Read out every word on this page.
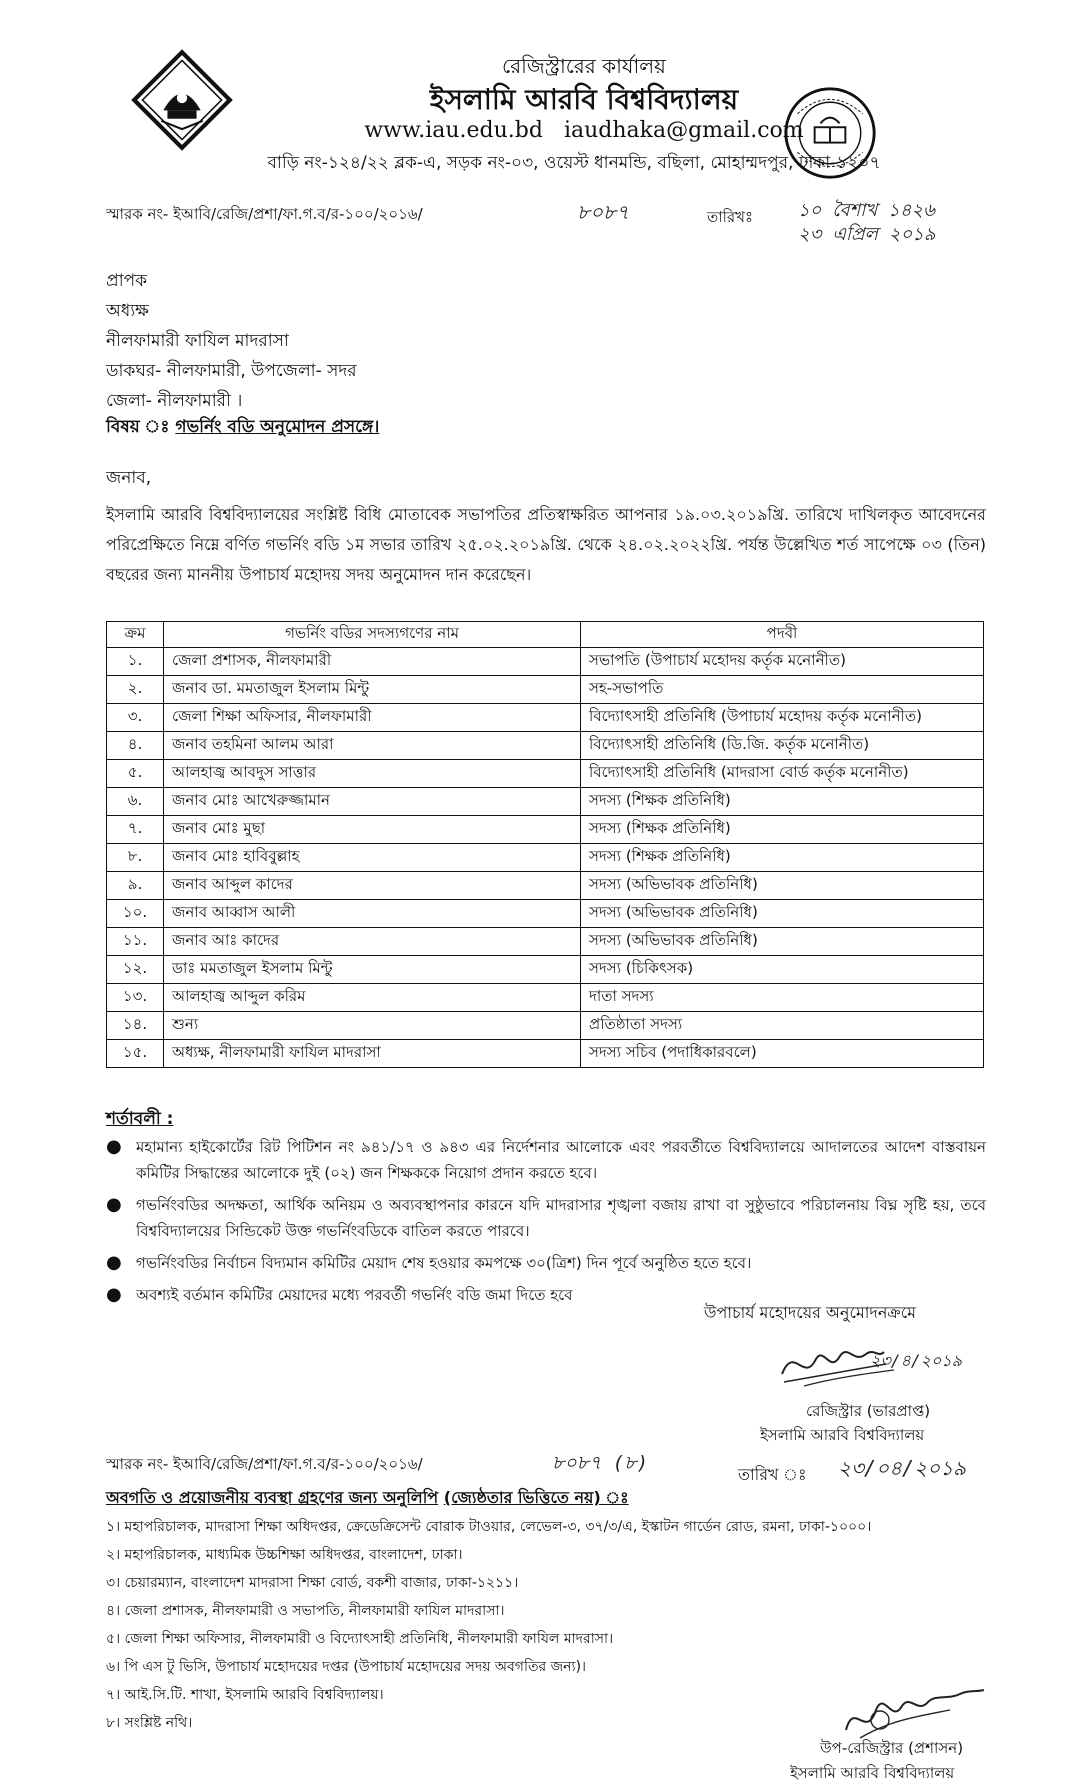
রেজিস্ট্রারের কার্যালয়
ইসলামি আরবি বিশ্ববিদ্যালয়
www.iau.edu.bd iaudhaka@gmail.com
বাড়ি নং-১২৪/২২ ব্লক-এ, সড়ক নং-০৩, ওয়েস্ট ধানমন্ডি, বছিলা, মোহাম্মদপুর, ঢাকা-১২০৭
স্মারক নং- ইআবি/রেজি/প্রশা/ফা.গ.ব/র-১০০/২০১৬/	৮০৮৭	তারিখঃ	১০ বৈশাখ ১৪২৬
২৩ এপ্রিল ২০১৯
প্রাপক
অধ্যক্ষ
নীলফামারী ফাযিল মাদরাসা
ডাকঘর- নীলফামারী, উপজেলা- সদর
জেলা- নীলফামারী ।
বিষয় ঃ গভর্নিং বডি অনুমোদন প্রসঙ্গে।
জনাব,
ইসলামি আরবি বিশ্ববিদ্যালয়ের সংশ্লিষ্ট বিধি মোতাবেক সভাপতির প্রতিস্বাক্ষরিত আপনার ১৯.০৩.২০১৯খ্রি. তারিখে দাখিলকৃত আবেদনের পরিপ্রেক্ষিতে নিম্নে বর্ণিত গভর্নিং বডি ১ম সভার তারিখ ২৫.০২.২০১৯খ্রি. থেকে ২৪.০২.২০২২খ্রি. পর্যন্ত উল্লেখিত শর্ত সাপেক্ষে ০৩ (তিন) বছরের জন্য মাননীয় উপাচার্য মহোদয় সদয় অনুমোদন দান করেছেন।
ক্রম	গভর্নিং বডির সদস্যগণের নাম	পদবী
১.	জেলা প্রশাসক, নীলফামারী	সভাপতি (উপাচার্য মহোদয় কর্তৃক মনোনীত)
২.	জনাব ডা. মমতাজুল ইসলাম মিন্টু	সহ-সভাপতি
৩.	জেলা শিক্ষা অফিসার, নীলফামারী	বিদ্যোৎসাহী প্রতিনিধি (উপাচার্য মহোদয় কর্তৃক মনোনীত)
৪.	জনাব তহমিনা আলম আরা	বিদ্যোৎসাহী প্রতিনিধি (ডি.জি. কর্তৃক মনোনীত)
৫.	আলহাজ্ব আবদুস সাত্তার	বিদ্যোৎসাহী প্রতিনিধি (মাদরাসা বোর্ড কর্তৃক মনোনীত)
৬.	জনাব মোঃ আখেরুজ্জামান	সদস্য (শিক্ষক প্রতিনিধি)
৭.	জনাব মোঃ মুছা	সদস্য (শিক্ষক প্রতিনিধি)
৮.	জনাব মোঃ হাবিবুল্লাহ	সদস্য (শিক্ষক প্রতিনিধি)
৯.	জনাব আব্দুল কাদের	সদস্য (অভিভাবক প্রতিনিধি)
১০.	জনাব আব্বাস আলী	সদস্য (অভিভাবক প্রতিনিধি)
১১.	জনাব আঃ কাদের	সদস্য (অভিভাবক প্রতিনিধি)
১২.	ডাঃ মমতাজুল ইসলাম মিন্টু	সদস্য (চিকিৎসক)
১৩.	আলহাজ্ব আব্দুল করিম	দাতা সদস্য
১৪.	শুন্য	প্রতিষ্ঠাতা সদস্য
১৫.	অধ্যক্ষ, নীলফামারী ফাযিল মাদরাসা	সদস্য সচিব (পদাধিকারবলে)
শর্তাবলী :
● মহামান্য হাইকোর্টের রিট পিটিশন নং ৯৪১/১৭ ও ৯৪৩ এর নির্দেশনার আলোকে এবং পরবর্তীতে বিশ্ববিদ্যালয়ে আদালতের আদেশ বাস্তবায়ন কমিটির সিদ্ধান্তের আলোকে দুই (০২) জন শিক্ষককে নিয়োগ প্রদান করতে হবে।
● গভর্নিংবডির অদক্ষতা, আর্থিক অনিয়ম ও অব্যবস্থাপনার কারনে যদি মাদরাসার শৃঙ্খলা বজায় রাখা বা সুষ্ঠুভাবে পরিচালনায় বিঘ্ন সৃষ্টি হয়, তবে বিশ্ববিদ্যালয়ের সিন্ডিকেট উক্ত গভর্নিংবডিকে বাতিল করতে পারবে।
● গভর্নিংবডির নির্বাচন বিদ্যমান কমিটির মেয়াদ শেষ হওয়ার কমপক্ষে ৩০(ত্রিশ) দিন পূর্বে অনুষ্ঠিত হতে হবে।
● অবশ্যই বর্তমান কমিটির মেয়াদের মধ্যে পরবর্তী গভর্নিং বডি জমা দিতে হবে
উপাচার্য মহোদয়ের অনুমোদনক্রমে
২৩/৪/২০১৯
রেজিস্ট্রার (ভারপ্রাপ্ত)
ইসলামি আরবি বিশ্ববিদ্যালয়
স্মারক নং- ইআবি/রেজি/প্রশা/ফা.গ.ব/র-১০০/২০১৬/	৮০৮৭ (৮)
তারিখ ঃ ২৩/০৪/২০১৯
অবগতি ও প্রয়োজনীয় ব্যবস্থা গ্রহণের জন্য অনুলিপি (জ্যেষ্ঠতার ভিত্তিতে নয়) ঃ
১। মহাপরিচালক, মাদরাসা শিক্ষা অধিদপ্তর, ক্রেডেক্রিসেন্ট বোরাক টাওয়ার, লেভেল-৩, ৩৭/৩/এ, ইস্কাটন গার্ডেন রোড, রমনা, ঢাকা-১০০০।
২। মহাপরিচালক, মাধ্যমিক উচ্চশিক্ষা অধিদপ্তর, বাংলাদেশ, ঢাকা।
৩। চেয়ারম্যান, বাংলাদেশ মাদরাসা শিক্ষা বোর্ড, বকশী বাজার, ঢাকা-১২১১।
৪। জেলা প্রশাসক, নীলফামারী ও সভাপতি, নীলফামারী ফাযিল মাদরাসা।
৫। জেলা শিক্ষা অফিসার, নীলফামারী ও বিদ্যোৎসাহী প্রতিনিধি, নীলফামারী ফাযিল মাদরাসা।
৬। পি এস টু ভিসি, উপাচার্য মহোদয়ের দপ্তর (উপাচার্য মহোদয়ের সদয় অবগতির জন্য)।
৭। আই.সি.টি. শাখা, ইসলামি আরবি বিশ্ববিদ্যালয়।
৮। সংশ্লিষ্ট নথি।
উপ-রেজিস্ট্রার (প্রশাসন)
ইসলামি আরবি বিশ্ববিদ্যালয়
